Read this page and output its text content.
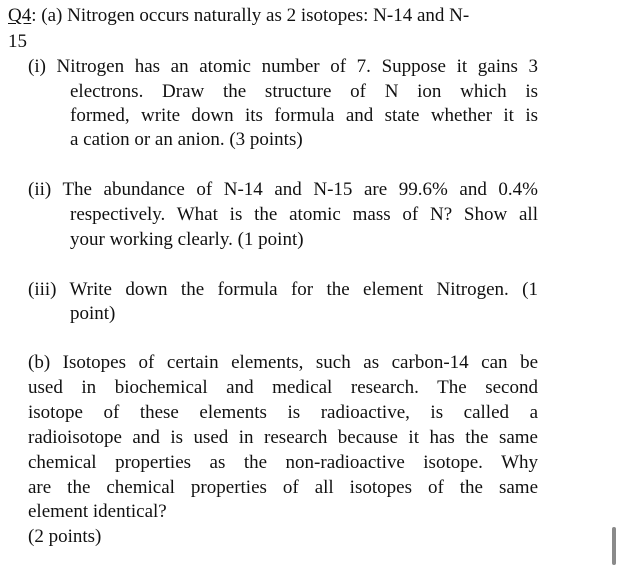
Q4: (a) Nitrogen occurs naturally as 2 isotopes: N-14 and N-
15
(i) Nitrogen has an atomic number of 7. Suppose it gains 3
electrons. Draw the structure of N ion which is
formed, write down its formula and state whether it is
a cation or an anion. (3 points)
(ii) The abundance of N-14 and N-15 are 99.6% and 0.4%
respectively. What is the atomic mass of N? Show all
your working clearly. (1 point)
(iii) Write down the formula for the element Nitrogen. (1
point)
(b) Isotopes of certain elements, such as carbon-14 can be
used in biochemical and medical research. The second
isotope of these elements is radioactive, is called a
radioisotope and is used in research because it has the same
chemical properties as the non-radioactive isotope. Why
are the chemical properties of all isotopes of the same
element identical?
(2 points)
